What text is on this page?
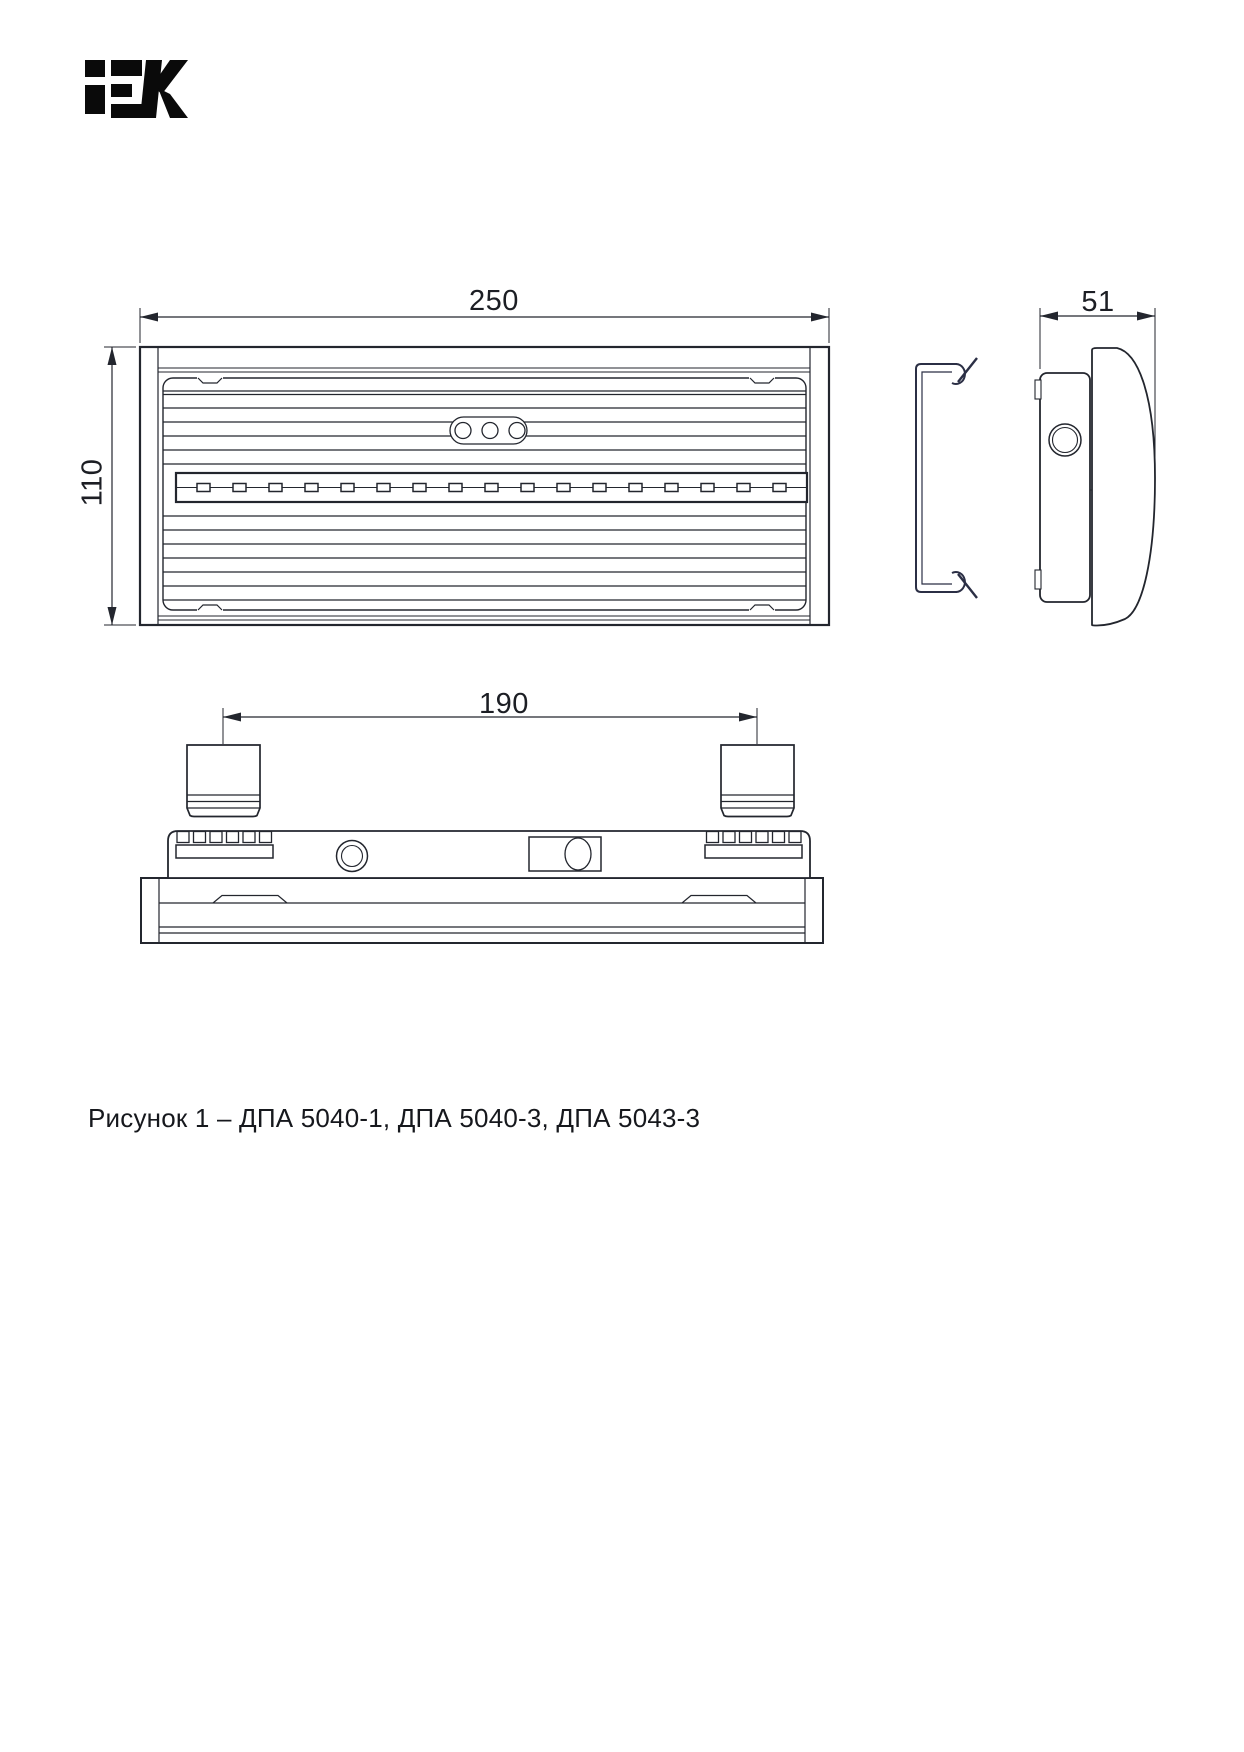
250
110
51
190
Рисунок 1 – ДПА 5040-1, ДПА 5040-3, ДПА 5043-3
